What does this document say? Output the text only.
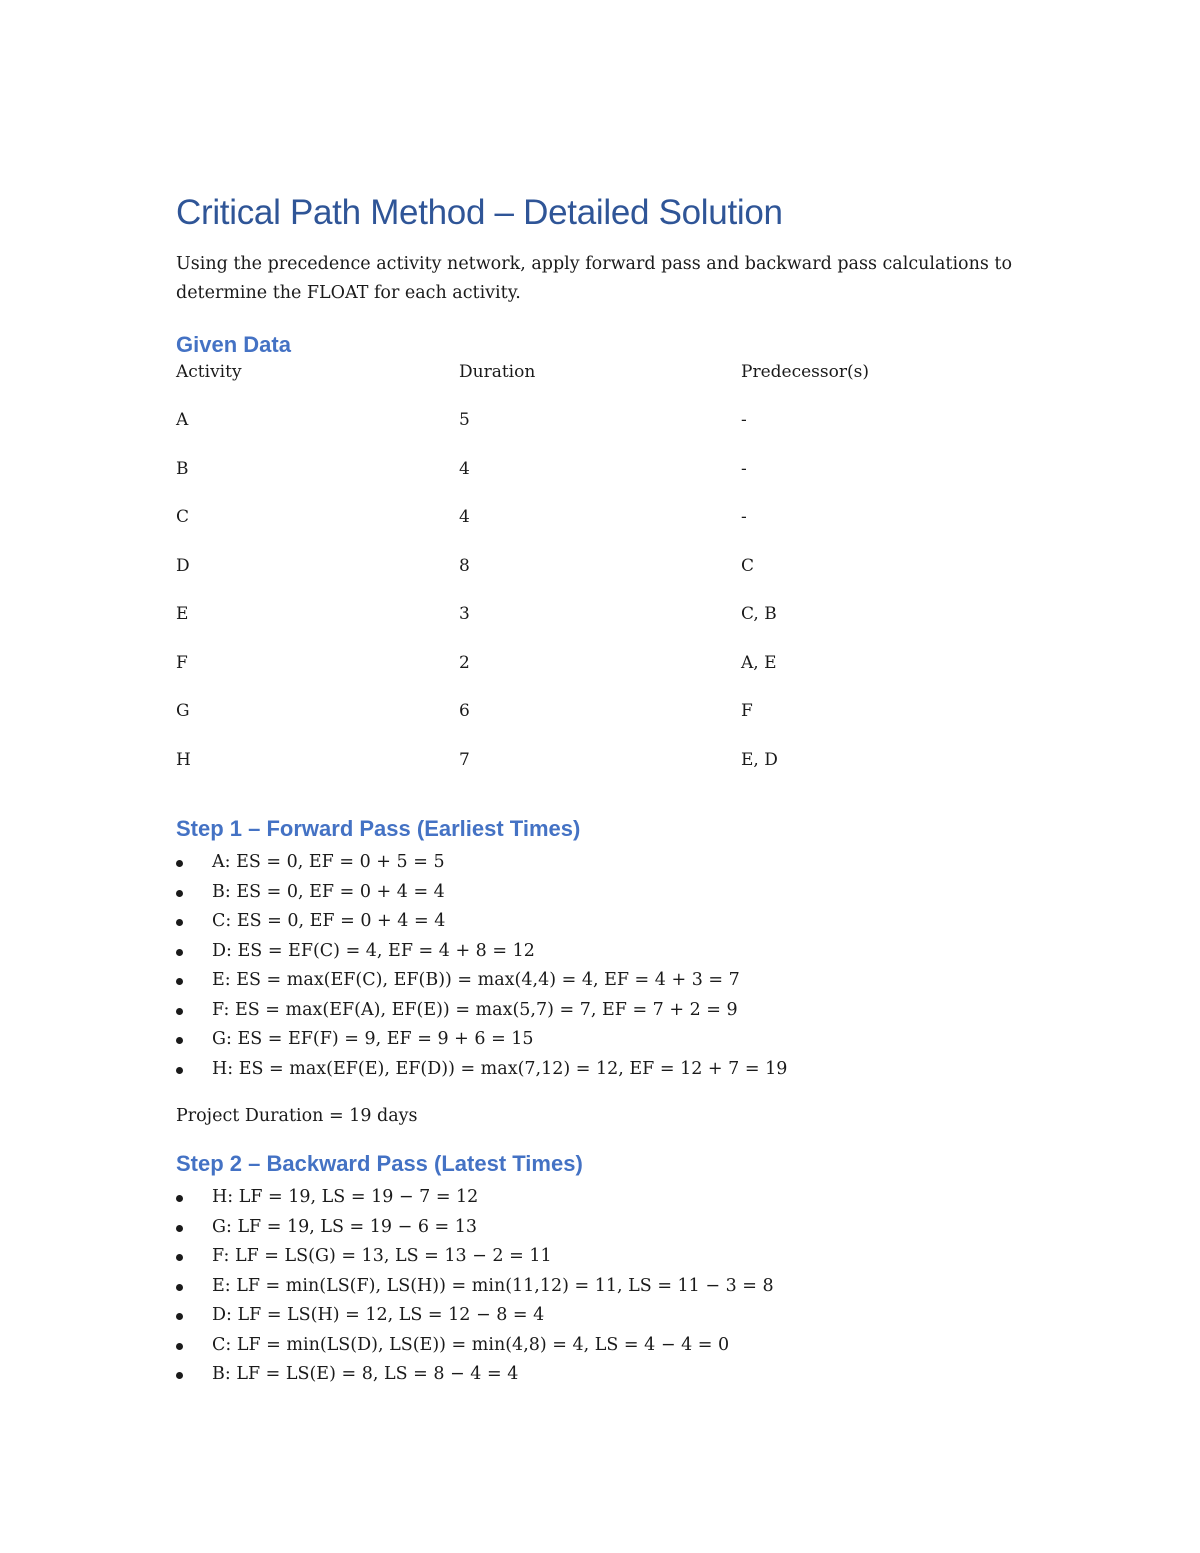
Critical Path Method – Detailed Solution

Using the precedence activity network, apply forward pass and backward pass calculations to determine the FLOAT for each activity.

Given Data
Activity	Duration	Predecessor(s)
A	5	-
B	4	-
C	4	-
D	8	C
E	3	C, B
F	2	A, E
G	6	F
H	7	E, D
Step 1 – Forward Pass (Earliest Times)
A: ES = 0, EF = 0 + 5 = 5
B: ES = 0, EF = 0 + 4 = 4
C: ES = 0, EF = 0 + 4 = 4
D: ES = EF(C) = 4, EF = 4 + 8 = 12
E: ES = max(EF(C), EF(B)) = max(4,4) = 4, EF = 4 + 3 = 7
F: ES = max(EF(A), EF(E)) = max(5,7) = 7, EF = 7 + 2 = 9
G: ES = EF(F) = 9, EF = 9 + 6 = 15
H: ES = max(EF(E), EF(D)) = max(7,12) = 12, EF = 12 + 7 = 19

Project Duration = 19 days

Step 2 – Backward Pass (Latest Times)
H: LF = 19, LS = 19 − 7 = 12
G: LF = 19, LS = 19 − 6 = 13
F: LF = LS(G) = 13, LS = 13 − 2 = 11
E: LF = min(LS(F), LS(H)) = min(11,12) = 11, LS = 11 − 3 = 8
D: LF = LS(H) = 12, LS = 12 − 8 = 4
C: LF = min(LS(D), LS(E)) = min(4,8) = 4, LS = 4 − 4 = 0
B: LF = LS(E) = 8, LS = 8 − 4 = 4
